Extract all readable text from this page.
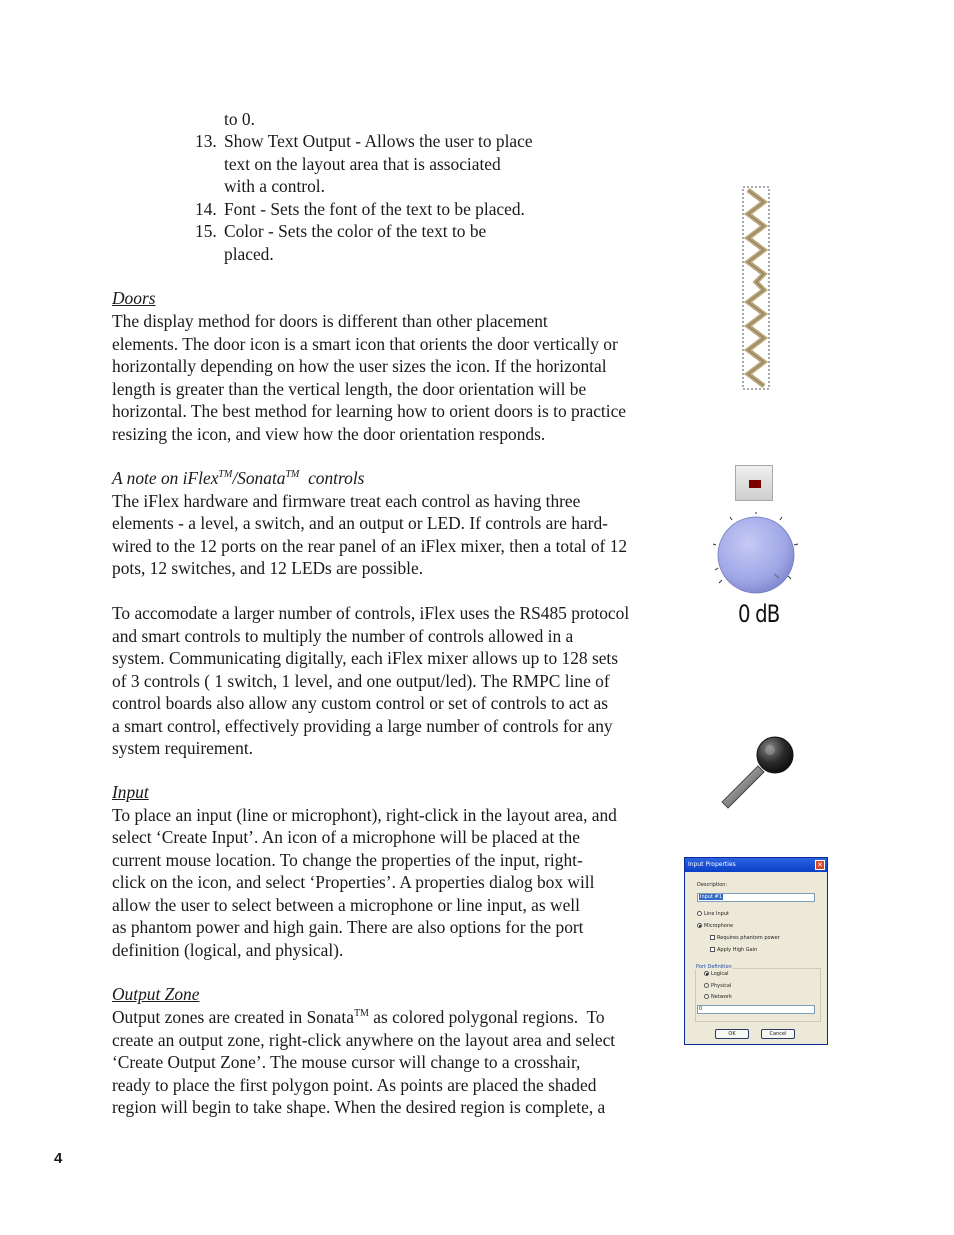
to 0.
13. Show Text Output - Allows the user to place
text on the layout area that is associated
with a control.
14. Font - Sets the font of the text to be placed.
15. Color - Sets the color of the text to be
placed.
Doors
The display method for doors is different than other placement
elements. The door icon is a smart icon that orients the door vertically or
horizontally depending on how the user sizes the icon. If the horizontal
length is greater than the vertical length, the door orientation will be
horizontal. The best method for learning how to orient doors is to practice
resizing the icon, and view how the door orientation responds.
A note on iFlex™/Sonata™  controls
The iFlex hardware and firmware treat each control as having three
elements - a level, a switch, and an output or LED. If controls are hard-
wired to the 12 ports on the rear panel of an iFlex mixer, then a total of 12
pots, 12 switches, and 12 LEDs are possible.
To accomodate a larger number of controls, iFlex uses the RS485 protocol
and smart controls to multiply the number of controls allowed in a
system. Communicating digitally, each iFlex mixer allows up to 128 sets
of 3 controls ( 1 switch, 1 level, and one output/led). The RMPC line of
control boards also allow any custom control or set of controls to act as
a smart control, effectively providing a large number of controls for any
system requirement.
Input
To place an input (line or microphont), right-click in the layout area, and
select ‘Create Input’. An icon of a microphone will be placed at the
current mouse location. To change the properties of the input, right-
click on the icon, and select ‘Properties’. A properties dialog box will
allow the user to select between a microphone or line input, as well
as phantom power and high gain. There are also options for the port
definition (logical, and physical).
Output Zone
Output zones are created in Sonata™ as colored polygonal regions.  To
create an output zone, right-click anywhere on the layout area and select
‘Create Output Zone’. The mouse cursor will change to a crosshair,
ready to place the first polygon point. As points are placed the shaded
region will begin to take shape. When the desired region is complete, a
0 dB
Input Properties	✕
Description:
Input #1
Line Input
Microphone
Requires phantom power
Apply High Gain
Port Definition
Logical
Physical
Network
0
OK	Cancel
4
